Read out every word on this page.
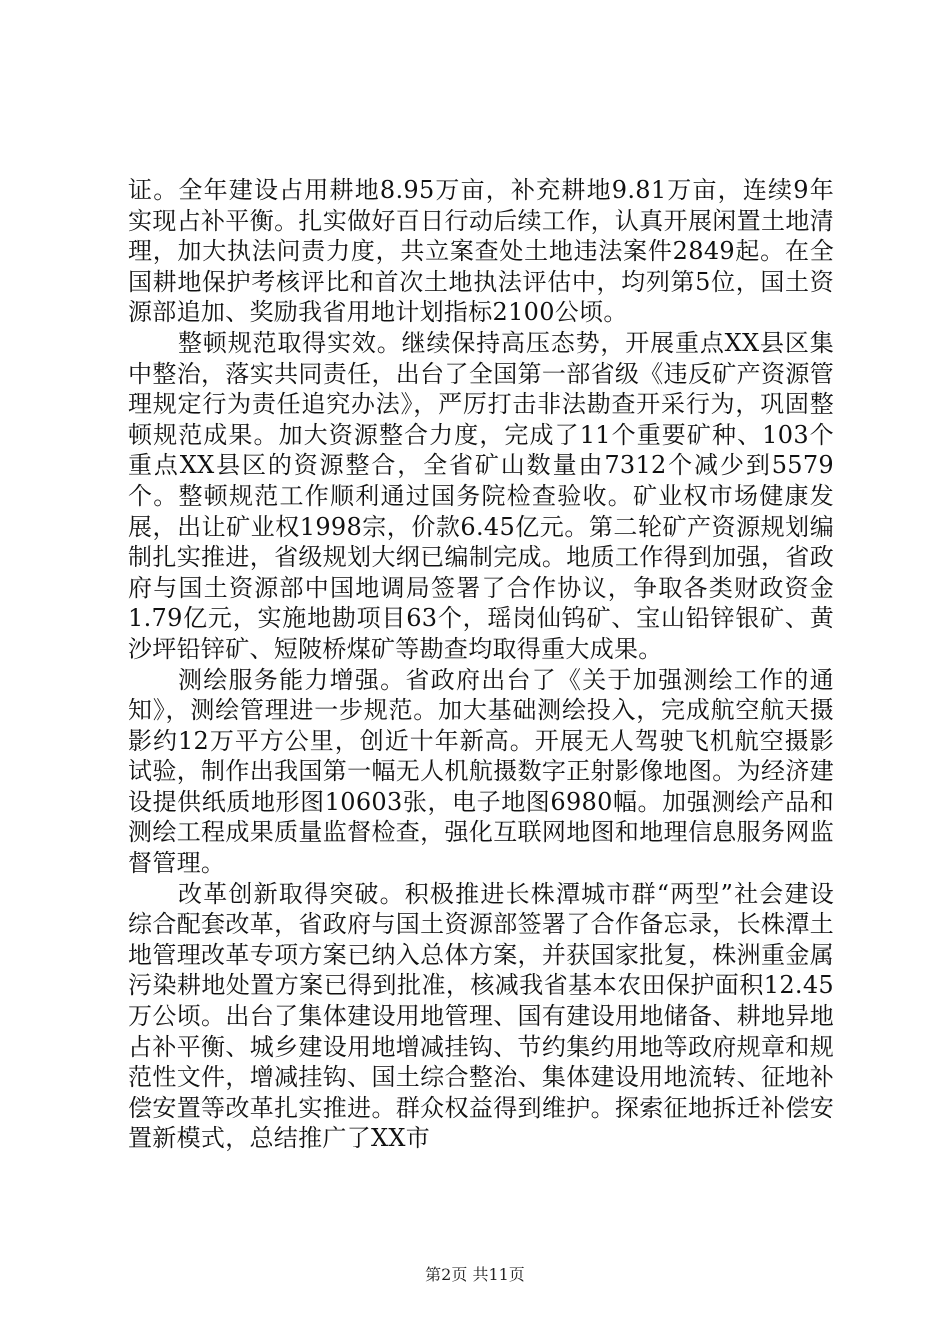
证。全年建设占用耕地8.95万亩，补充耕地9.81万亩，连续9年实现占补平衡。扎实做好百日行动后续工作，认真开展闲置土地清理，加大执法问责力度，共立案查处土地违法案件2849起。在全国耕地保护考核评比和首次土地执法评估中，均列第5位，国土资源部追加、奖励我省用地计划指标2100公顷。

整顿规范取得实效。继续保持高压态势，开展重点XX县区集中整治，落实共同责任，出台了全国第一部省级《违反矿产资源管理规定行为责任追究办法》，严厉打击非法勘查开采行为，巩固整顿规范成果。加大资源整合力度，完成了11个重要矿种、103个重点XX县区的资源整合，全省矿山数量由7312个减少到5579个。整顿规范工作顺利通过国务院检查验收。矿业权市场健康发展，出让矿业权1998宗，价款6.45亿元。第二轮矿产资源规划编制扎实推进，省级规划大纲已编制完成。地质工作得到加强，省政府与国土资源部中国地调局签署了合作协议，争取各类财政资金1.79亿元，实施地勘项目63个，瑶岗仙钨矿、宝山铅锌银矿、黄沙坪铅锌矿、短陂桥煤矿等勘查均取得重大成果。

测绘服务能力增强。省政府出台了《关于加强测绘工作的通知》，测绘管理进一步规范。加大基础测绘投入，完成航空航天摄影约12万平方公里，创近十年新高。开展无人驾驶飞机航空摄影试验，制作出我国第一幅无人机航摄数字正射影像地图。为经济建设提供纸质地形图10603张，电子地图6980幅。加强测绘产品和测绘工程成果质量监督检查，强化互联网地图和地理信息服务网监督管理。

改革创新取得突破。积极推进长株潭城市群“两型”社会建设综合配套改革，省政府与国土资源部签署了合作备忘录，长株潭土地管理改革专项方案已纳入总体方案，并获国家批复，株洲重金属污染耕地处置方案已得到批准，核减我省基本农田保护面积12.45万公顷。出台了集体建设用地管理、国有建设用地储备、耕地异地占补平衡、城乡建设用地增减挂钩、节约集约用地等政府规章和规范性文件，增减挂钩、国土综合整治、集体建设用地流转、征地补偿安置等改革扎实推进。群众权益得到维护。探索征地拆迁补偿安置新模式，总结推广了XX市

第2页 共11页
